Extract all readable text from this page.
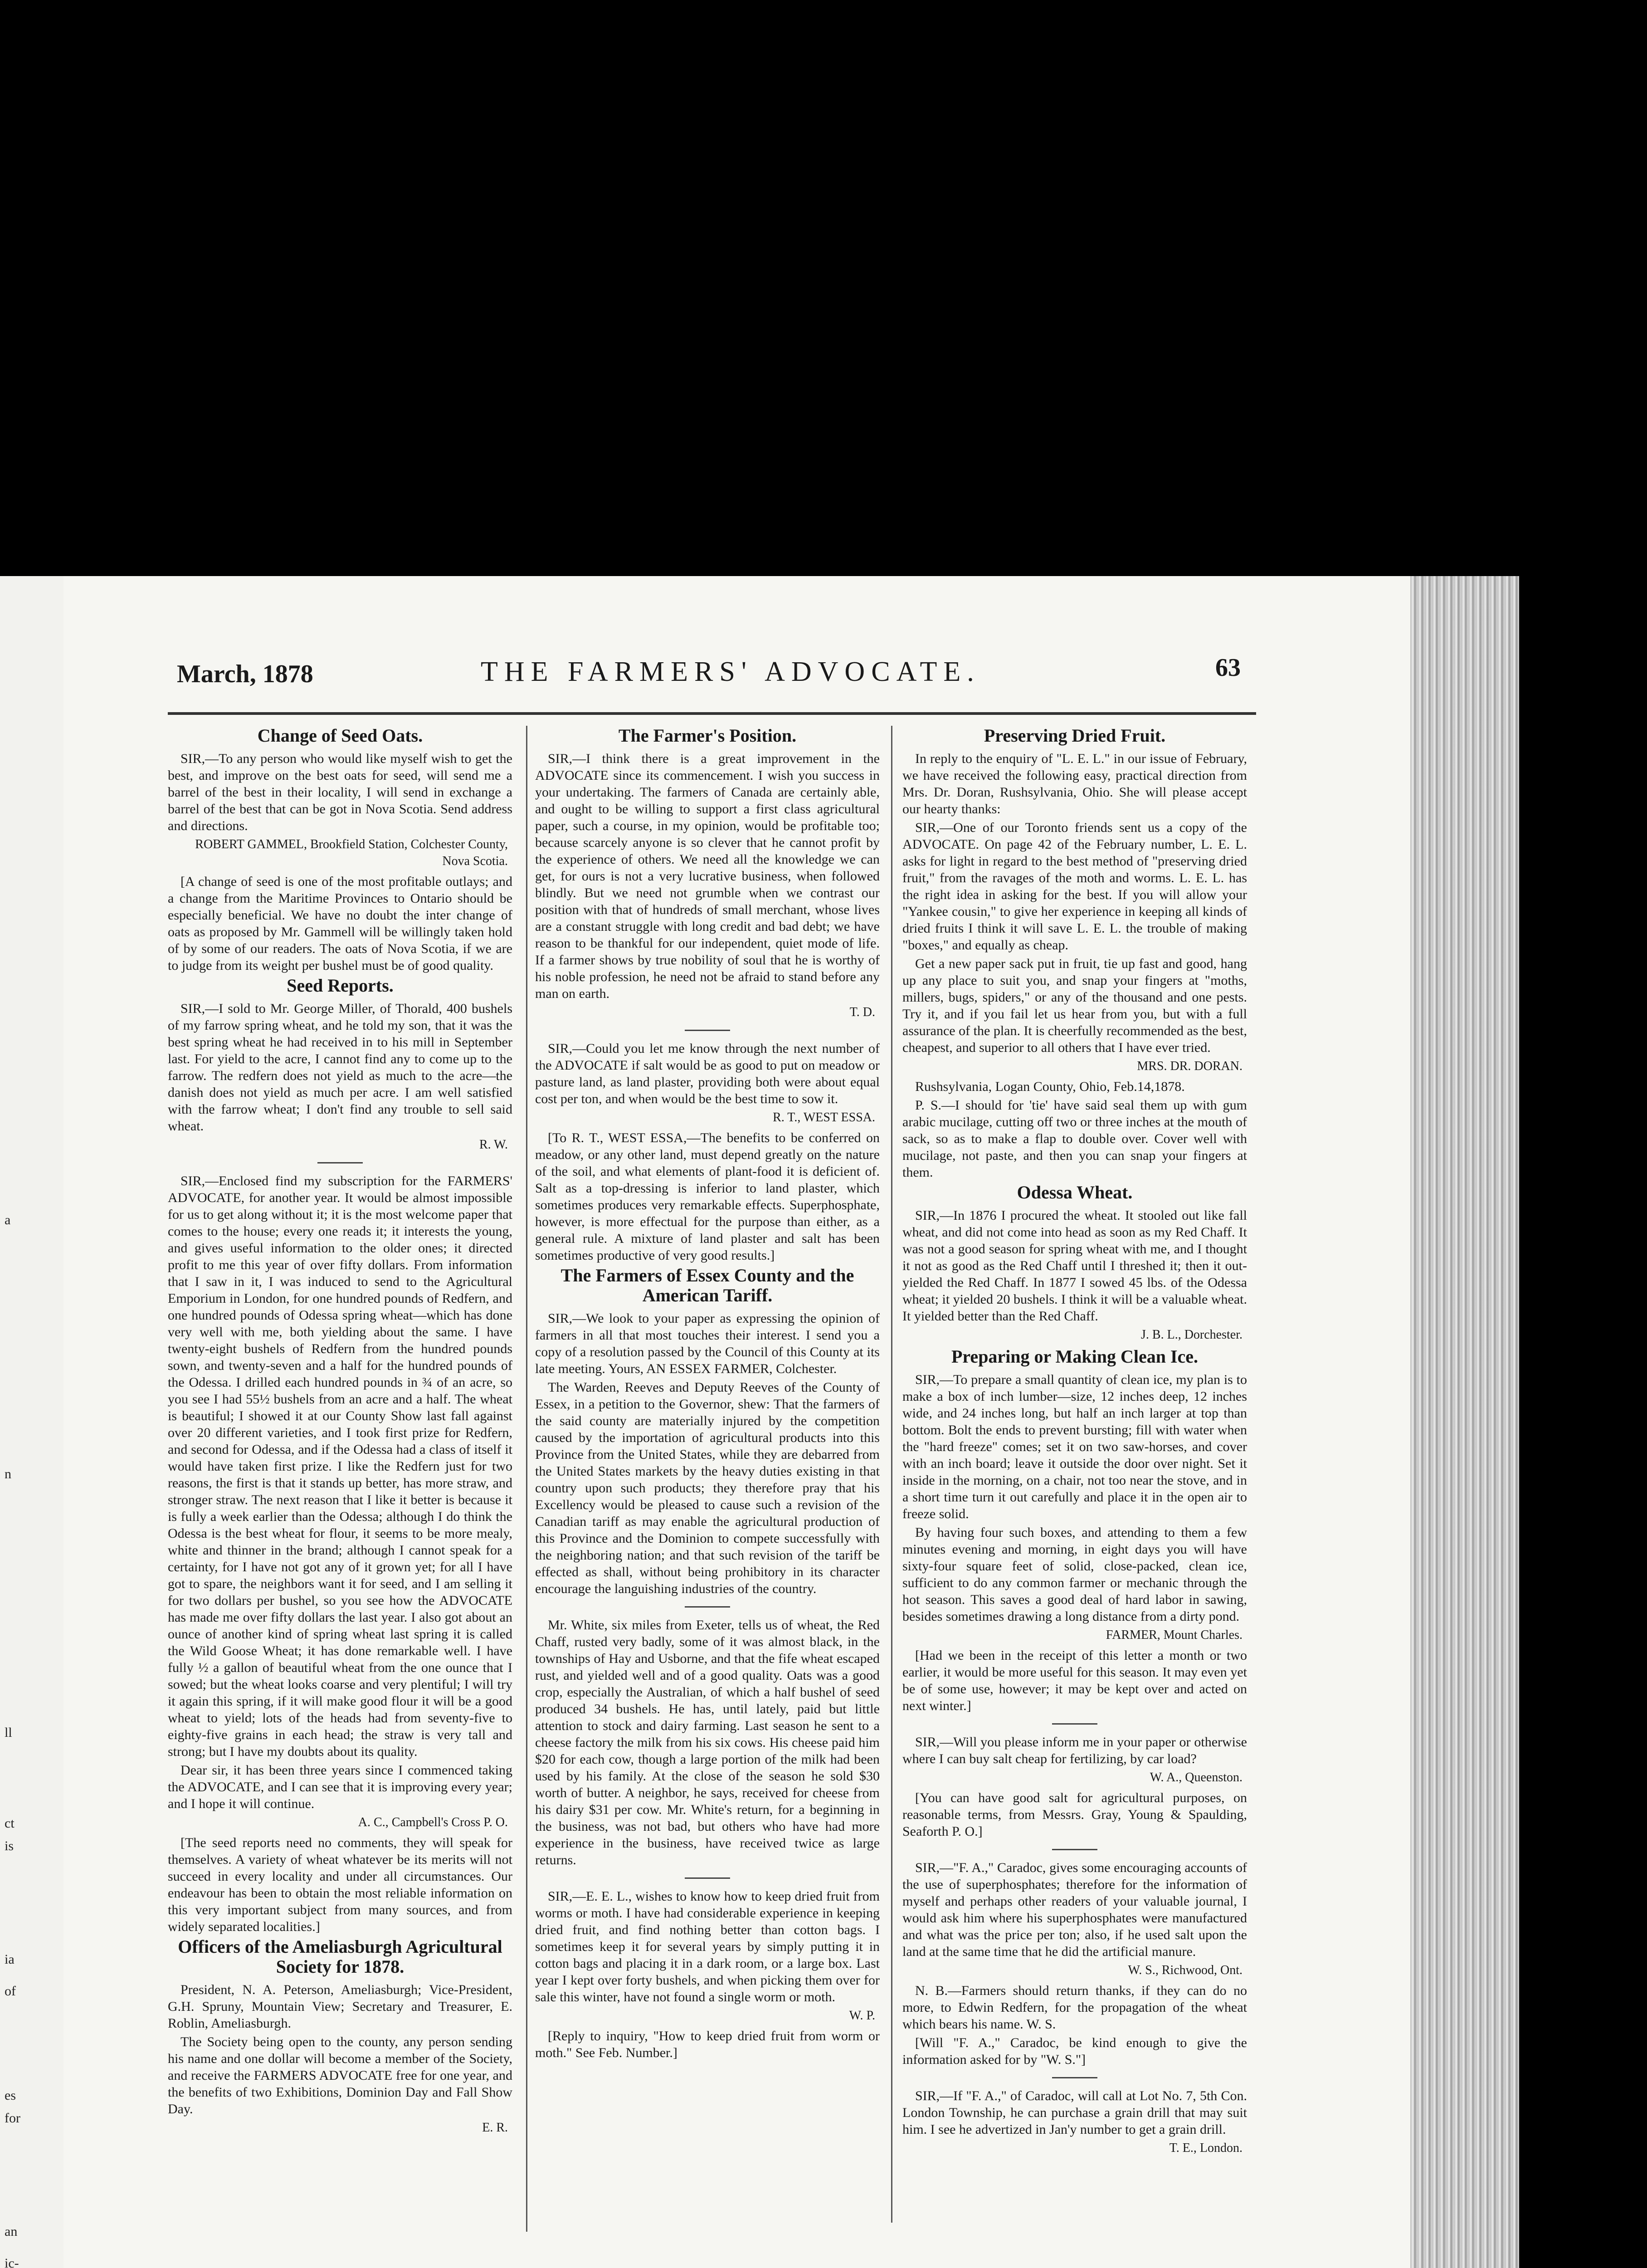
a
n
ll
ct
is
ia
of
es
for
an
ic-
March, 1878	THE FARMERS' ADVOCATE.	63
Change of Seed Oats.

SIR,—To any person who would like myself wish to get the best, and improve on the best oats for seed, will send me a barrel of the best in their locality, I will send in exchange a barrel of the best that can be got in Nova Scotia. Send address and directions.

ROBERT GAMMEL, Brookfield Station, Colchester County, Nova Scotia.

[A change of seed is one of the most profitable outlays; and a change from the Maritime Provinces to Ontario should be especially beneficial. We have no doubt the inter change of oats as proposed by Mr. Gammell will be willingly taken hold of by some of our readers. The oats of Nova Scotia, if we are to judge from its weight per bushel must be of good quality.

Seed Reports.

SIR,—I sold to Mr. George Miller, of Thorald, 400 bushels of my farrow spring wheat, and he told my son, that it was the best spring wheat he had received in to his mill in September last. For yield to the acre, I cannot find any to come up to the farrow. The redfern does not yield as much to the acre—the danish does not yield as much per acre. I am well satisfied with the farrow wheat; I don't find any trouble to sell said wheat.

R. W.

SIR,—Enclosed find my subscription for the FARMERS' ADVOCATE, for another year. It would be almost impossible for us to get along without it; it is the most welcome paper that comes to the house; every one reads it; it interests the young, and gives useful information to the older ones; it directed profit to me this year of over fifty dollars. From information that I saw in it, I was induced to send to the Agricultural Emporium in London, for one hundred pounds of Redfern, and one hundred pounds of Odessa spring wheat—which has done very well with me, both yielding about the same. I have twenty-eight bushels of Redfern from the hundred pounds sown, and twenty-seven and a half for the hundred pounds of the Odessa. I drilled each hundred pounds in ¾ of an acre, so you see I had 55½ bushels from an acre and a half. The wheat is beautiful; I showed it at our County Show last fall against over 20 different varieties, and I took first prize for Redfern, and second for Odessa, and if the Odessa had a class of itself it would have taken first prize. I like the Redfern just for two reasons, the first is that it stands up better, has more straw, and stronger straw. The next reason that I like it better is because it is fully a week earlier than the Odessa; although I do think the Odessa is the best wheat for flour, it seems to be more mealy, white and thinner in the brand; although I cannot speak for a certainty, for I have not got any of it grown yet; for all I have got to spare, the neighbors want it for seed, and I am selling it for two dollars per bushel, so you see how the ADVOCATE has made me over fifty dollars the last year. I also got about an ounce of another kind of spring wheat last spring it is called the Wild Goose Wheat; it has done remarkable well. I have fully ½ a gallon of beautiful wheat from the one ounce that I sowed; but the wheat looks coarse and very plentiful; I will try it again this spring, if it will make good flour it will be a good wheat to yield; lots of the heads had from seventy-five to eighty-five grains in each head; the straw is very tall and strong; but I have my doubts about its quality.

Dear sir, it has been three years since I commenced taking the ADVOCATE, and I can see that it is improving every year; and I hope it will continue.

A. C., Campbell's Cross P. O.

[The seed reports need no comments, they will speak for themselves. A variety of wheat whatever be its merits will not succeed in every locality and under all circumstances. Our endeavour has been to obtain the most reliable information on this very important subject from many sources, and from widely separated localities.]

Officers of the Ameliasburgh Agricultural Society for 1878.

President, N. A. Peterson, Ameliasburgh; Vice-President, G.H. Spruny, Mountain View; Secretary and Treasurer, E. Roblin, Ameliasburgh.

The Society being open to the county, any person sending his name and one dollar will become a member of the Society, and receive the FARMERS ADVOCATE free for one year, and the benefits of two Exhibitions, Dominion Day and Fall Show Day.

E. R.
The Farmer's Position.

SIR,—I think there is a great improvement in the ADVOCATE since its commencement. I wish you success in your undertaking. The farmers of Canada are certainly able, and ought to be willing to support a first class agricultural paper, such a course, in my opinion, would be profitable too; because scarcely anyone is so clever that he cannot profit by the experience of others. We need all the knowledge we can get, for ours is not a very lucrative business, when followed blindly. But we need not grumble when we contrast our position with that of hundreds of small merchant, whose lives are a constant struggle with long credit and bad debt; we have reason to be thankful for our independent, quiet mode of life. If a farmer shows by true nobility of soul that he is worthy of his noble profession, he need not be afraid to stand before any man on earth.

T. D.

SIR,—Could you let me know through the next number of the ADVOCATE if salt would be as good to put on meadow or pasture land, as land plaster, providing both were about equal cost per ton, and when would be the best time to sow it.

R. T., WEST ESSA.

[To R. T., WEST ESSA,—The benefits to be conferred on meadow, or any other land, must depend greatly on the nature of the soil, and what elements of plant-food it is deficient of. Salt as a top-dressing is inferior to land plaster, which sometimes produces very remarkable effects. Superphosphate, however, is more effectual for the purpose than either, as a general rule. A mixture of land plaster and salt has been sometimes productive of very good results.]

The Farmers of Essex County and the American Tariff.

SIR,—We look to your paper as expressing the opinion of farmers in all that most touches their interest. I send you a copy of a resolution passed by the Council of this County at its late meeting. Yours, AN ESSEX FARMER, Colchester.

The Warden, Reeves and Deputy Reeves of the County of Essex, in a petition to the Governor, shew: That the farmers of the said county are materially injured by the competition caused by the importation of agricultural products into this Province from the United States, while they are debarred from the United States markets by the heavy duties existing in that country upon such products; they therefore pray that his Excellency would be pleased to cause such a revision of the Canadian tariff as may enable the agricultural production of this Province and the Dominion to compete successfully with the neighboring nation; and that such revision of the tariff be effected as shall, without being prohibitory in its character encourage the languishing industries of the country.

Mr. White, six miles from Exeter, tells us of wheat, the Red Chaff, rusted very badly, some of it was almost black, in the townships of Hay and Usborne, and that the fife wheat escaped rust, and yielded well and of a good quality. Oats was a good crop, especially the Australian, of which a half bushel of seed produced 34 bushels. He has, until lately, paid but little attention to stock and dairy farming. Last season he sent to a cheese factory the milk from his six cows. His cheese paid him $20 for each cow, though a large portion of the milk had been used by his family. At the close of the season he sold $30 worth of butter. A neighbor, he says, received for cheese from his dairy $31 per cow. Mr. White's return, for a beginning in the business, was not bad, but others who have had more experience in the business, have received twice as large returns.

SIR,—E. E. L., wishes to know how to keep dried fruit from worms or moth. I have had considerable experience in keeping dried fruit, and find nothing better than cotton bags. I sometimes keep it for several years by simply putting it in cotton bags and placing it in a dark room, or a large box. Last year I kept over forty bushels, and when picking them over for sale this winter, have not found a single worm or moth.

W. P.

[Reply to inquiry, "How to keep dried fruit from worm or moth." See Feb. Number.]

Preserving Dried Fruit.

In reply to the enquiry of "L. E. L." in our issue of February, we have received the following easy, practical direction from Mrs. Dr. Doran, Rushsylvania, Ohio. She will please accept our hearty thanks:

SIR,—One of our Toronto friends sent us a copy of the ADVOCATE. On page 42 of the February number, L. E. L. asks for light in regard to the best method of "preserving dried fruit," from the ravages of the moth and worms. L. E. L. has the right idea in asking for the best. If you will allow your "Yankee cousin," to give her experience in keeping all kinds of dried fruits I think it will save L. E. L. the trouble of making "boxes," and equally as cheap.

Get a new paper sack put in fruit, tie up fast and good, hang up any place to suit you, and snap your fingers at "moths, millers, bugs, spiders," or any of the thousand and one pests. Try it, and if you fail let us hear from you, but with a full assurance of the plan. It is cheerfully recommended as the best, cheapest, and superior to all others that I have ever tried.

MRS. DR. DORAN.

Rushsylvania, Logan County, Ohio, Feb.14,1878.

P. S.—I should for 'tie' have said seal them up with gum arabic mucilage, cutting off two or three inches at the mouth of sack, so as to make a flap to double over. Cover well with mucilage, not paste, and then you can snap your fingers at them.

Odessa Wheat.

SIR,—In 1876 I procured the wheat. It stooled out like fall wheat, and did not come into head as soon as my Red Chaff. It was not a good season for spring wheat with me, and I thought it not as good as the Red Chaff until I threshed it; then it out-yielded the Red Chaff. In 1877 I sowed 45 lbs. of the Odessa wheat; it yielded 20 bushels. I think it will be a valuable wheat. It yielded better than the Red Chaff.

J. B. L., Dorchester.
Preparing or Making Clean Ice.

SIR,—To prepare a small quantity of clean ice, my plan is to make a box of inch lumber—size, 12 inches deep, 12 inches wide, and 24 inches long, but half an inch larger at top than bottom. Bolt the ends to prevent bursting; fill with water when the "hard freeze" comes; set it on two saw-horses, and cover with an inch board; leave it outside the door over night. Set it inside in the morning, on a chair, not too near the stove, and in a short time turn it out carefully and place it in the open air to freeze solid.

By having four such boxes, and attending to them a few minutes evening and morning, in eight days you will have sixty-four square feet of solid, close-packed, clean ice, sufficient to do any common farmer or mechanic through the hot season. This saves a good deal of hard labor in sawing, besides sometimes drawing a long distance from a dirty pond.

FARMER, Mount Charles.

[Had we been in the receipt of this letter a month or two earlier, it would be more useful for this season. It may even yet be of some use, however; it may be kept over and acted on next winter.]

SIR,—Will you please inform me in your paper or otherwise where I can buy salt cheap for fertilizing, by car load?

W. A., Queenston.

[You can have good salt for agricultural purposes, on reasonable terms, from Messrs. Gray, Young & Spaulding, Seaforth P. O.]

SIR,—"F. A.," Caradoc, gives some encouraging accounts of the use of superphosphates; therefore for the information of myself and perhaps other readers of your valuable journal, I would ask him where his superphosphates were manufactured and what was the price per ton; also, if he used salt upon the land at the same time that he did the artificial manure.

W. S., Richwood, Ont.

N. B.—Farmers should return thanks, if they can do no more, to Edwin Redfern, for the propagation of the wheat which bears his name. W. S.

[Will "F. A.," Caradoc, be kind enough to give the information asked for by "W. S."]

SIR,—If "F. A.," of Caradoc, will call at Lot No. 7, 5th Con. London Township, he can purchase a grain drill that may suit him. I see he advertized in Jan'y number to get a grain drill.

T. E., London.
